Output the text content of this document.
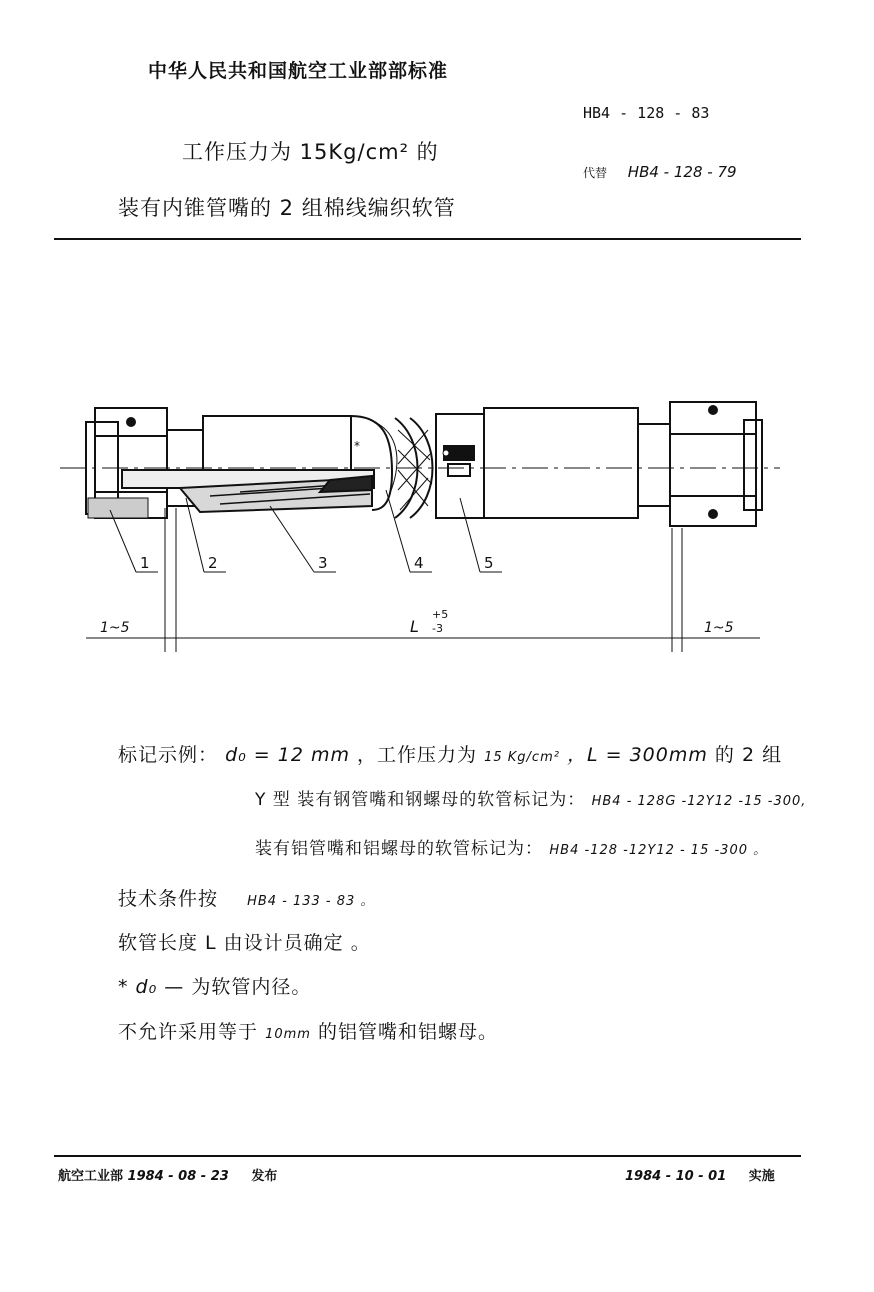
中华人民共和国航空工业部部标准
HB4 - 128 - 83
代替 HB4 - 128 - 79
工作压力为 15Kg/cm² 的
装有内锥管嘴的 2 组棉线编织软管
1	2	3	4	5
*
1~5	L
+5
-3	1~5
标记示例： d₀ = 12 mm ，工作压力为 15 Kg/cm² ，L = 300mm 的 2 组
Y 型 装有钢管嘴和钢螺母的软管标记为： HB4 - 128G -12Y12 -15 -300,
装有铝管嘴和铝螺母的软管标记为： HB4 -128 -12Y12 - 15 -300 。
技术条件按 HB4 - 133 - 83 。
软管长度 L 由设计员确定 。
* d₀ — 为软管内径。
不允许采用等于 10mm 的铝管嘴和铝螺母。
航空工业部 1984 - 08 - 23 发布	1984 - 10 - 01 实施
